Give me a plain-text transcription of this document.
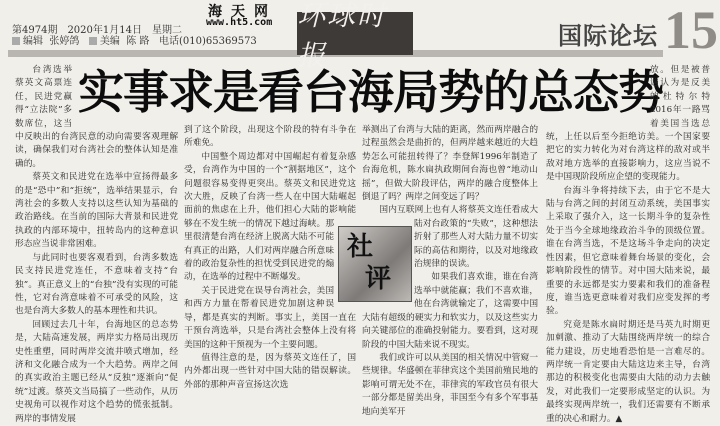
海天网
www.ht5.com
第4974期　2020年1月14日　星期二
编辑 张婷鸽 美编 陈 路 电话(010)65369573
环球时报
国际论坛 15
实事求是看台海局势的总态势

台湾选举蔡英文高票连任，民进党赢得“立法院”多数席位，这当中反映出的台湾民意的动向需要客观理解读，确保我们对台湾社会的整体认知是准确的。

蔡英文和民进党在选举中宣扬得最多的是“恐中”和“拒统”，选举结果显示，台湾社会的多数人支持以这些认知为基础的政治路线。在当前的国际大背景和民进党执政的内部环境中，扭转岛内的这种意识形态应当说非常困难。

与此同时也要客观看到，台湾多数选民支持民进党连任，不意味着支持“台独”。真正意义上的“台独”没有实现的可能性，它对台湾意味着不可承受的风险，这也是台湾大多数人的基本理性和共识。

回顾过去几十年，台海地区的总态势是，大陆高速发展，两岸实力格局出现历史性重塑，同时两岸交流井喷式增加，经济和文化融合成为一个大趋势。两岸之间的真实政治主题已经从“反独”逐渐向“促统”过渡。蔡英文当局搞了一些动作，从历史视角可以视作对这个趋势的慌张抵制。两岸的事情发展

到了这个阶段，出现这个阶段的特有斗争在所难免。

中国整个周边都对中国崛起有着复杂感受，台湾作为中国的一个“割据地区”，这个问题很容易变得更突出。蔡英文和民进党这次大胜，反映了台湾一些人在中国大陆崛起面前的焦虑在上升，他们担心大陆的影响能够在不发生统一的情况下越过海峡。那里很清楚台湾在经济上脱离大陆不可能有真正的出路，人们对两岸融合所意味着的政治复杂性的担忧受到民进党的煽动，在选举的过程中不断爆发。

关于民进党在误导台湾社会，美国和西方力量在帮着民进党加剧这种误导，都是真实的判断。事实上，美国一直在干预台湾选举，只是台湾社会整体上没有将美国的这种干预视为一个主要问题。

值得注意的是，因为蔡英文连任了，国内外都出现一些针对中国大陆的错误解读。外部的那种声音宣扬这次选

举测出了台湾与大陆的距离，然而两岸融合的过程虽然会是曲折的，但两岸越来越近的大趋势怎么可能扭转得了？李登辉1996年制造了台海危机，陈水扁执政期间台海也曾“地动山摇”，但做大阶段评估，两岸的融合度整体上倒退了吗？两岸之间变远了吗？

国内互联网上也有人将蔡英文连任看成大陆对台政策的“失败”，这种想法折射了那些人对大陆力量不切实际的高估和期待，以及对地缘政治规律的误读。

如果我们喜欢谁，谁在台湾选举中就能赢；我们不喜欢谁，他在台湾就输定了，这需要中国大陆有超级的硬实力和软实力，以及这些实力向关键部位的准确投射能力。要看到，这对现阶段的中国大陆来说不现实。

我们或许可以从美国的相关情况中管窥一些规律。华盛顿在菲律宾这个美国前殖民地的影响可谓无处不在，菲律宾的军政官员有很大一部分都是留美出身，菲国至今有多个军事基地向美军开

放。但是被普遍认为是反美的杜特尔特2016年一路骂着美国当选总统，上任以后至今拒绝访美。一个国家要把它的实力转化为对台湾这样的敌对或半敌对地方选举的直接影响力，这应当说不是中国现阶段所应企望的变现能力。

台海斗争将持续下去，由于它不是大陆与台湾之间的封闭互动系统，美国事实上采取了强介入，这一长期斗争的复杂性处于当今全球地缘政治斗争的顶级位置。谁在台湾当选，不是这场斗争走向的决定性因素，但它意味着舞台场景的变化，会影响阶段性的情节。对中国大陆来说，最重要的永远都是实力要素和我们的准备程度，谁当选更意味着对我们应变发挥的考验。

究竟是陈水扁时期还是马英九时期更加刺激、推动了大陆围绕两岸统一的综合能力建设，历史地看恐怕是一言难尽的。两岸统一肯定要由大陆这边来主导，台湾那边的积极变化也需要由大陆的动力去触发，对此我们一定要形成坚定的认识。为最终实现两岸统一，我们还需要有不断承重的决心和耐力。▲

社
评
